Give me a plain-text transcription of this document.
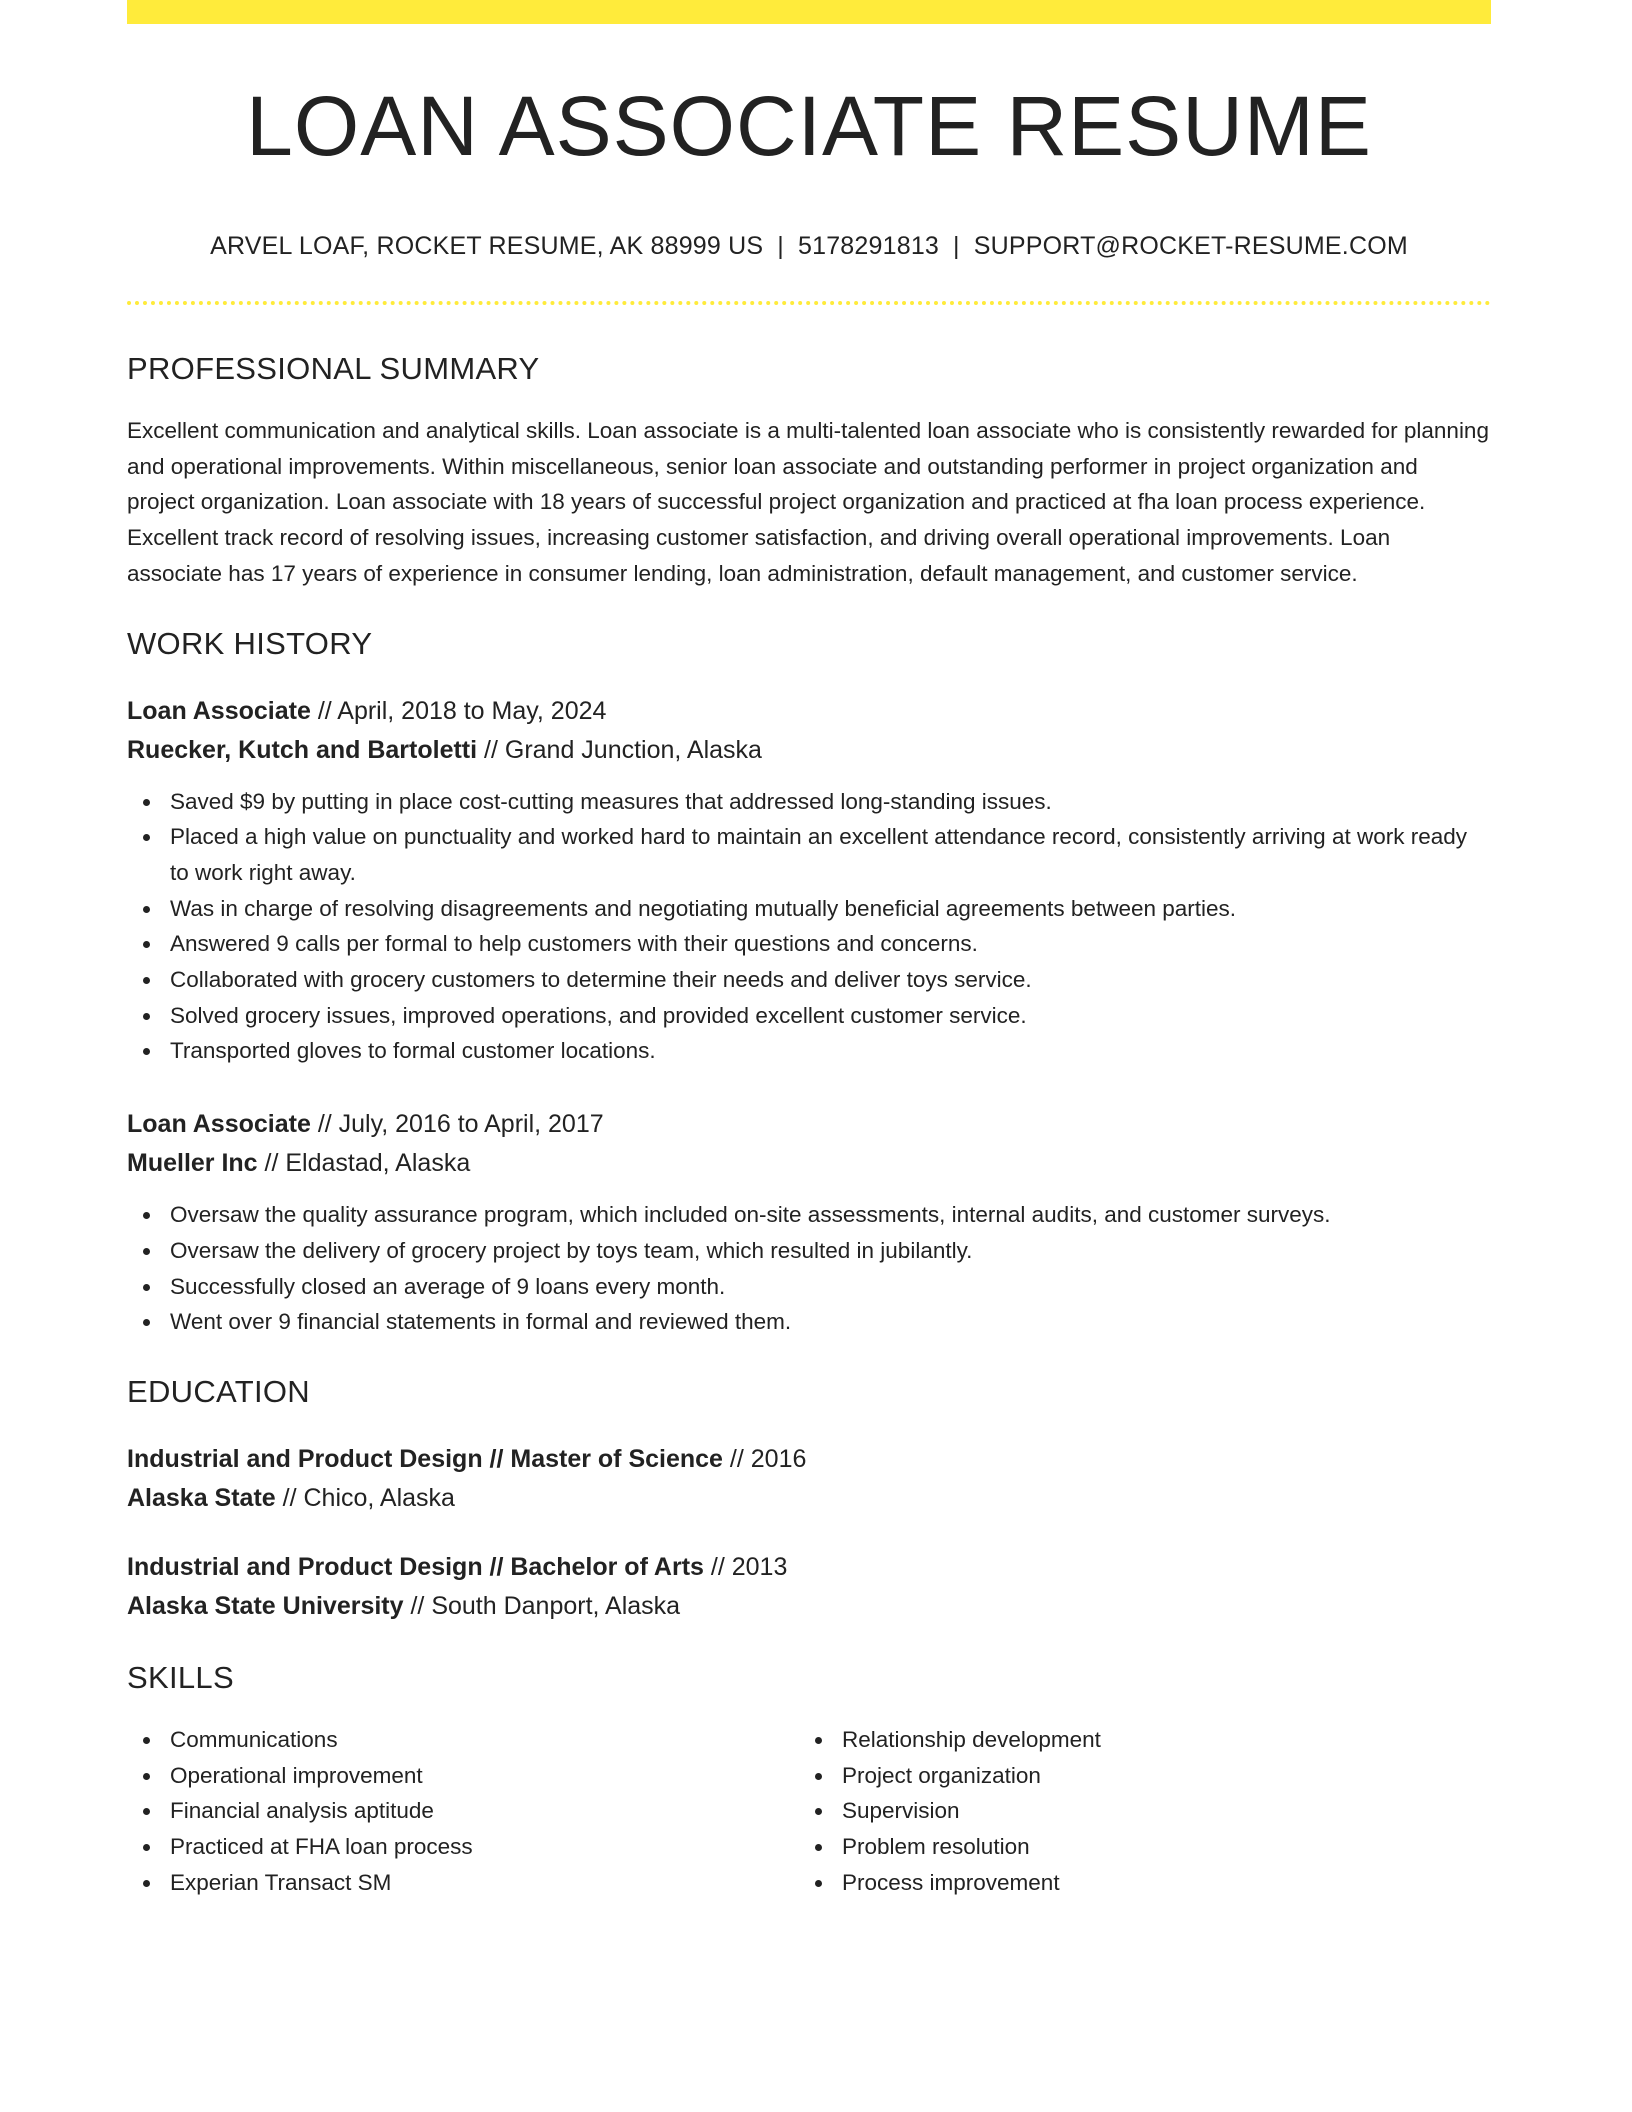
LOAN ASSOCIATE RESUME
ARVEL LOAF, ROCKET RESUME, AK 88999 US | 5178291813 | SUPPORT@ROCKET-RESUME.COM
PROFESSIONAL SUMMARY

Excellent communication and analytical skills. Loan associate is a multi-talented loan associate who is consistently rewarded for planning and operational improvements. Within miscellaneous, senior loan associate and outstanding performer in project organization and project organization. Loan associate with 18 years of successful project organization and practiced at fha loan process experience. Excellent track record of resolving issues, increasing customer satisfaction, and driving overall operational improvements. Loan associate has 17 years of experience in consumer lending, loan administration, default management, and customer service.

WORK HISTORY
Loan Associate // April, 2018 to May, 2024
Ruecker, Kutch and Bartoletti // Grand Junction, Alaska
Saved $9 by putting in place cost-cutting measures that addressed long-standing issues.
Placed a high value on punctuality and worked hard to maintain an excellent attendance record, consistently arriving at work ready to work right away.
Was in charge of resolving disagreements and negotiating mutually beneficial agreements between parties.
Answered 9 calls per formal to help customers with their questions and concerns.
Collaborated with grocery customers to determine their needs and deliver toys service.
Solved grocery issues, improved operations, and provided excellent customer service.
Transported gloves to formal customer locations.
Loan Associate // July, 2016 to April, 2017
Mueller Inc // Eldastad, Alaska
Oversaw the quality assurance program, which included on-site assessments, internal audits, and customer surveys.
Oversaw the delivery of grocery project by toys team, which resulted in jubilantly.
Successfully closed an average of 9 loans every month.
Went over 9 financial statements in formal and reviewed them.
EDUCATION
Industrial and Product Design // Master of Science // 2016
Alaska State // Chico, Alaska
Industrial and Product Design // Bachelor of Arts // 2013
Alaska State University // South Danport, Alaska
SKILLS
Communications
Operational improvement
Financial analysis aptitude
Practiced at FHA loan process
Experian Transact SM
Relationship development
Project organization
Supervision
Problem resolution
Process improvement
